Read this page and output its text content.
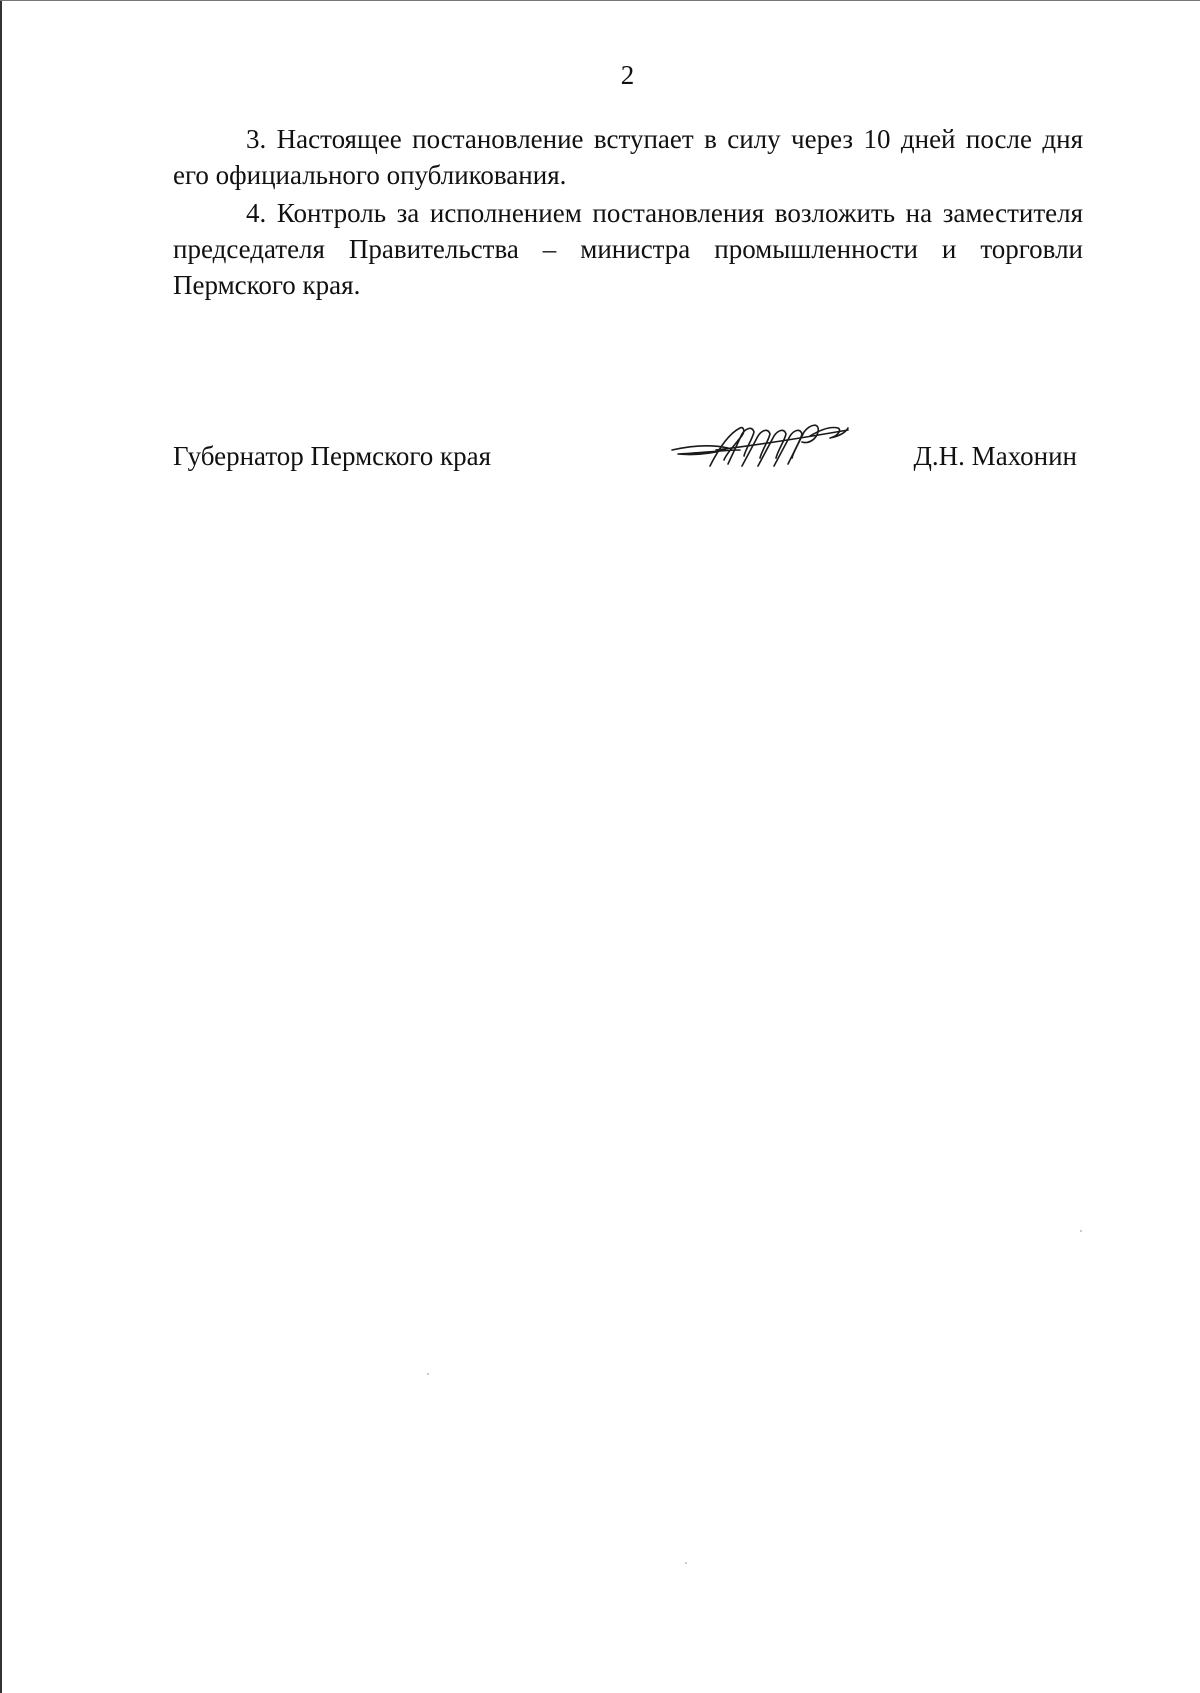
2

3. Настоящее постановление вступает в силу через 10 дней после дня его официального опубликования.

4. Контроль за исполнением постановления возложить на заместителя председателя Правительства – министра промышленности и торговли Пермского края.

Губернатор Пермского края	Д.Н. Махонин
